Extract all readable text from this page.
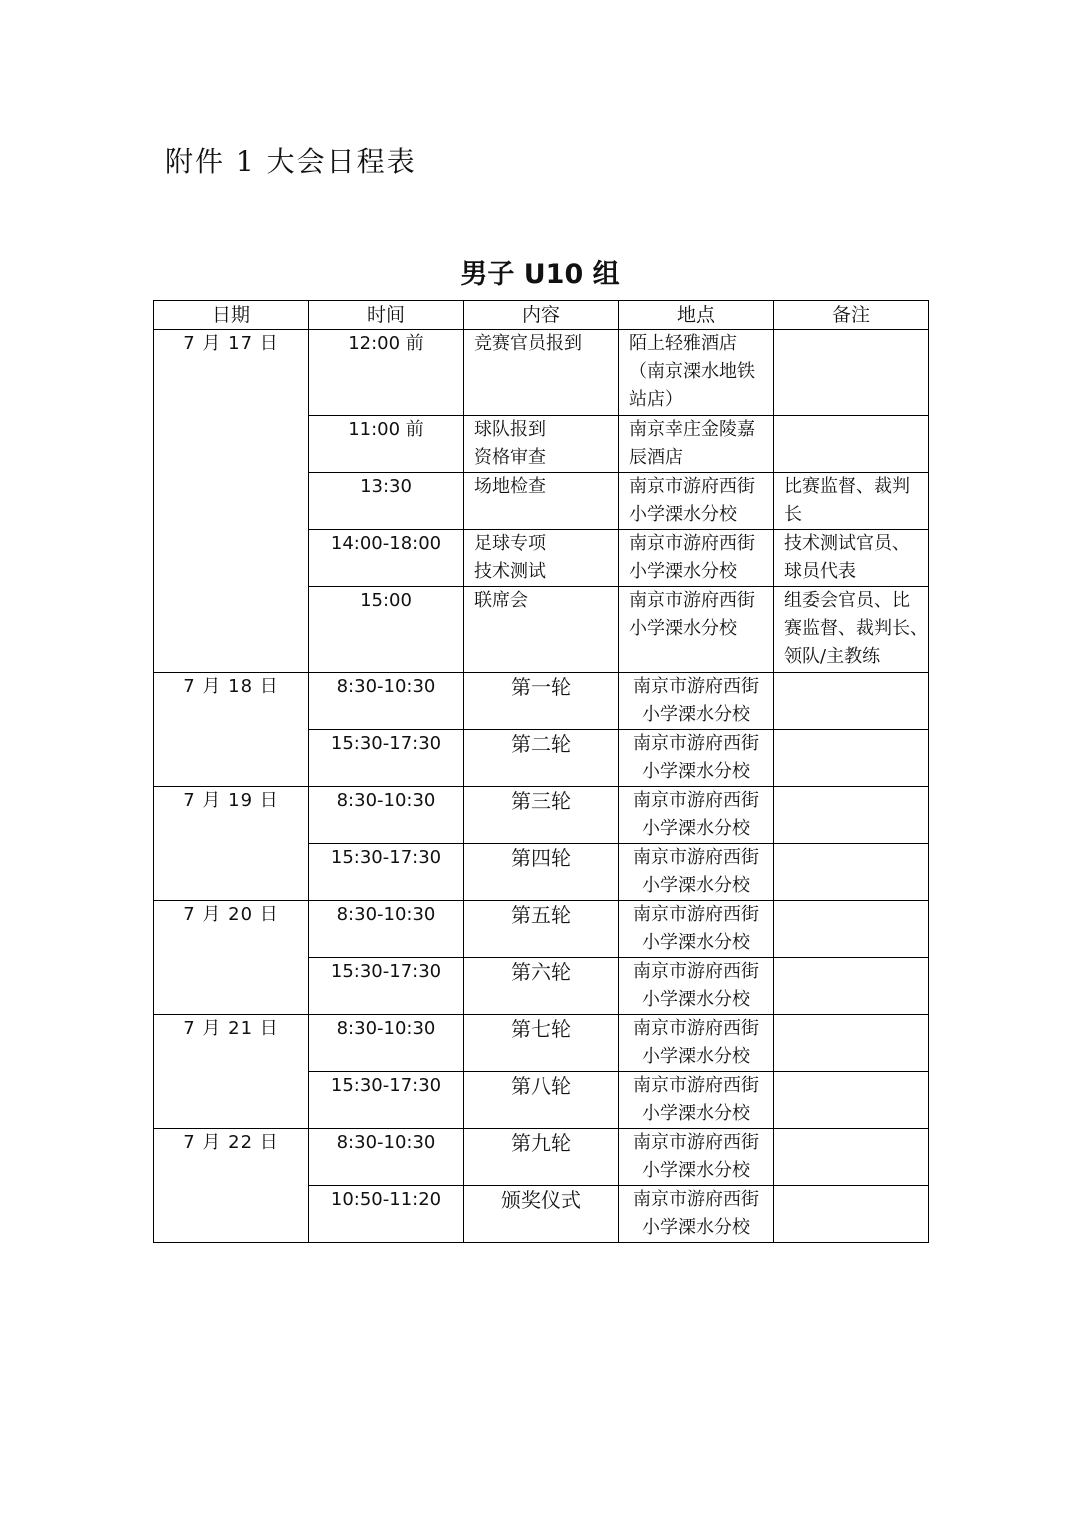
附件 1 大会日程表
男子 U10 组
日期	时间	内容	地点	备注
7 月 17 日	12:00 前	竞赛官员报到	陌上轻雅酒店
（南京溧水地铁
站店）	

	11:00 前	球队报到
资格审查	南京幸庄金陵嘉
辰酒店	

	13:30	场地检查	南京市游府西街
小学溧水分校	比赛监督、裁判
长

	14:00-18:00	足球专项
技术测试	南京市游府西街
小学溧水分校	技术测试官员、
球员代表

	15:00	联席会	南京市游府西街
小学溧水分校	组委会官员、比
赛监督、裁判长、
领队/主教练

7 月 18 日	8:30-10:30	第一轮	南京市游府西街
小学溧水分校	

	15:30-17:30	第二轮	南京市游府西街
小学溧水分校	

7 月 19 日	8:30-10:30	第三轮	南京市游府西街
小学溧水分校	

	15:30-17:30	第四轮	南京市游府西街
小学溧水分校	

7 月 20 日	8:30-10:30	第五轮	南京市游府西街
小学溧水分校	

	15:30-17:30	第六轮	南京市游府西街
小学溧水分校	

7 月 21 日	8:30-10:30	第七轮	南京市游府西街
小学溧水分校	

	15:30-17:30	第八轮	南京市游府西街
小学溧水分校	

7 月 22 日	8:30-10:30	第九轮	南京市游府西街
小学溧水分校	

	10:50-11:20	颁奖仪式	南京市游府西街
小学溧水分校	
